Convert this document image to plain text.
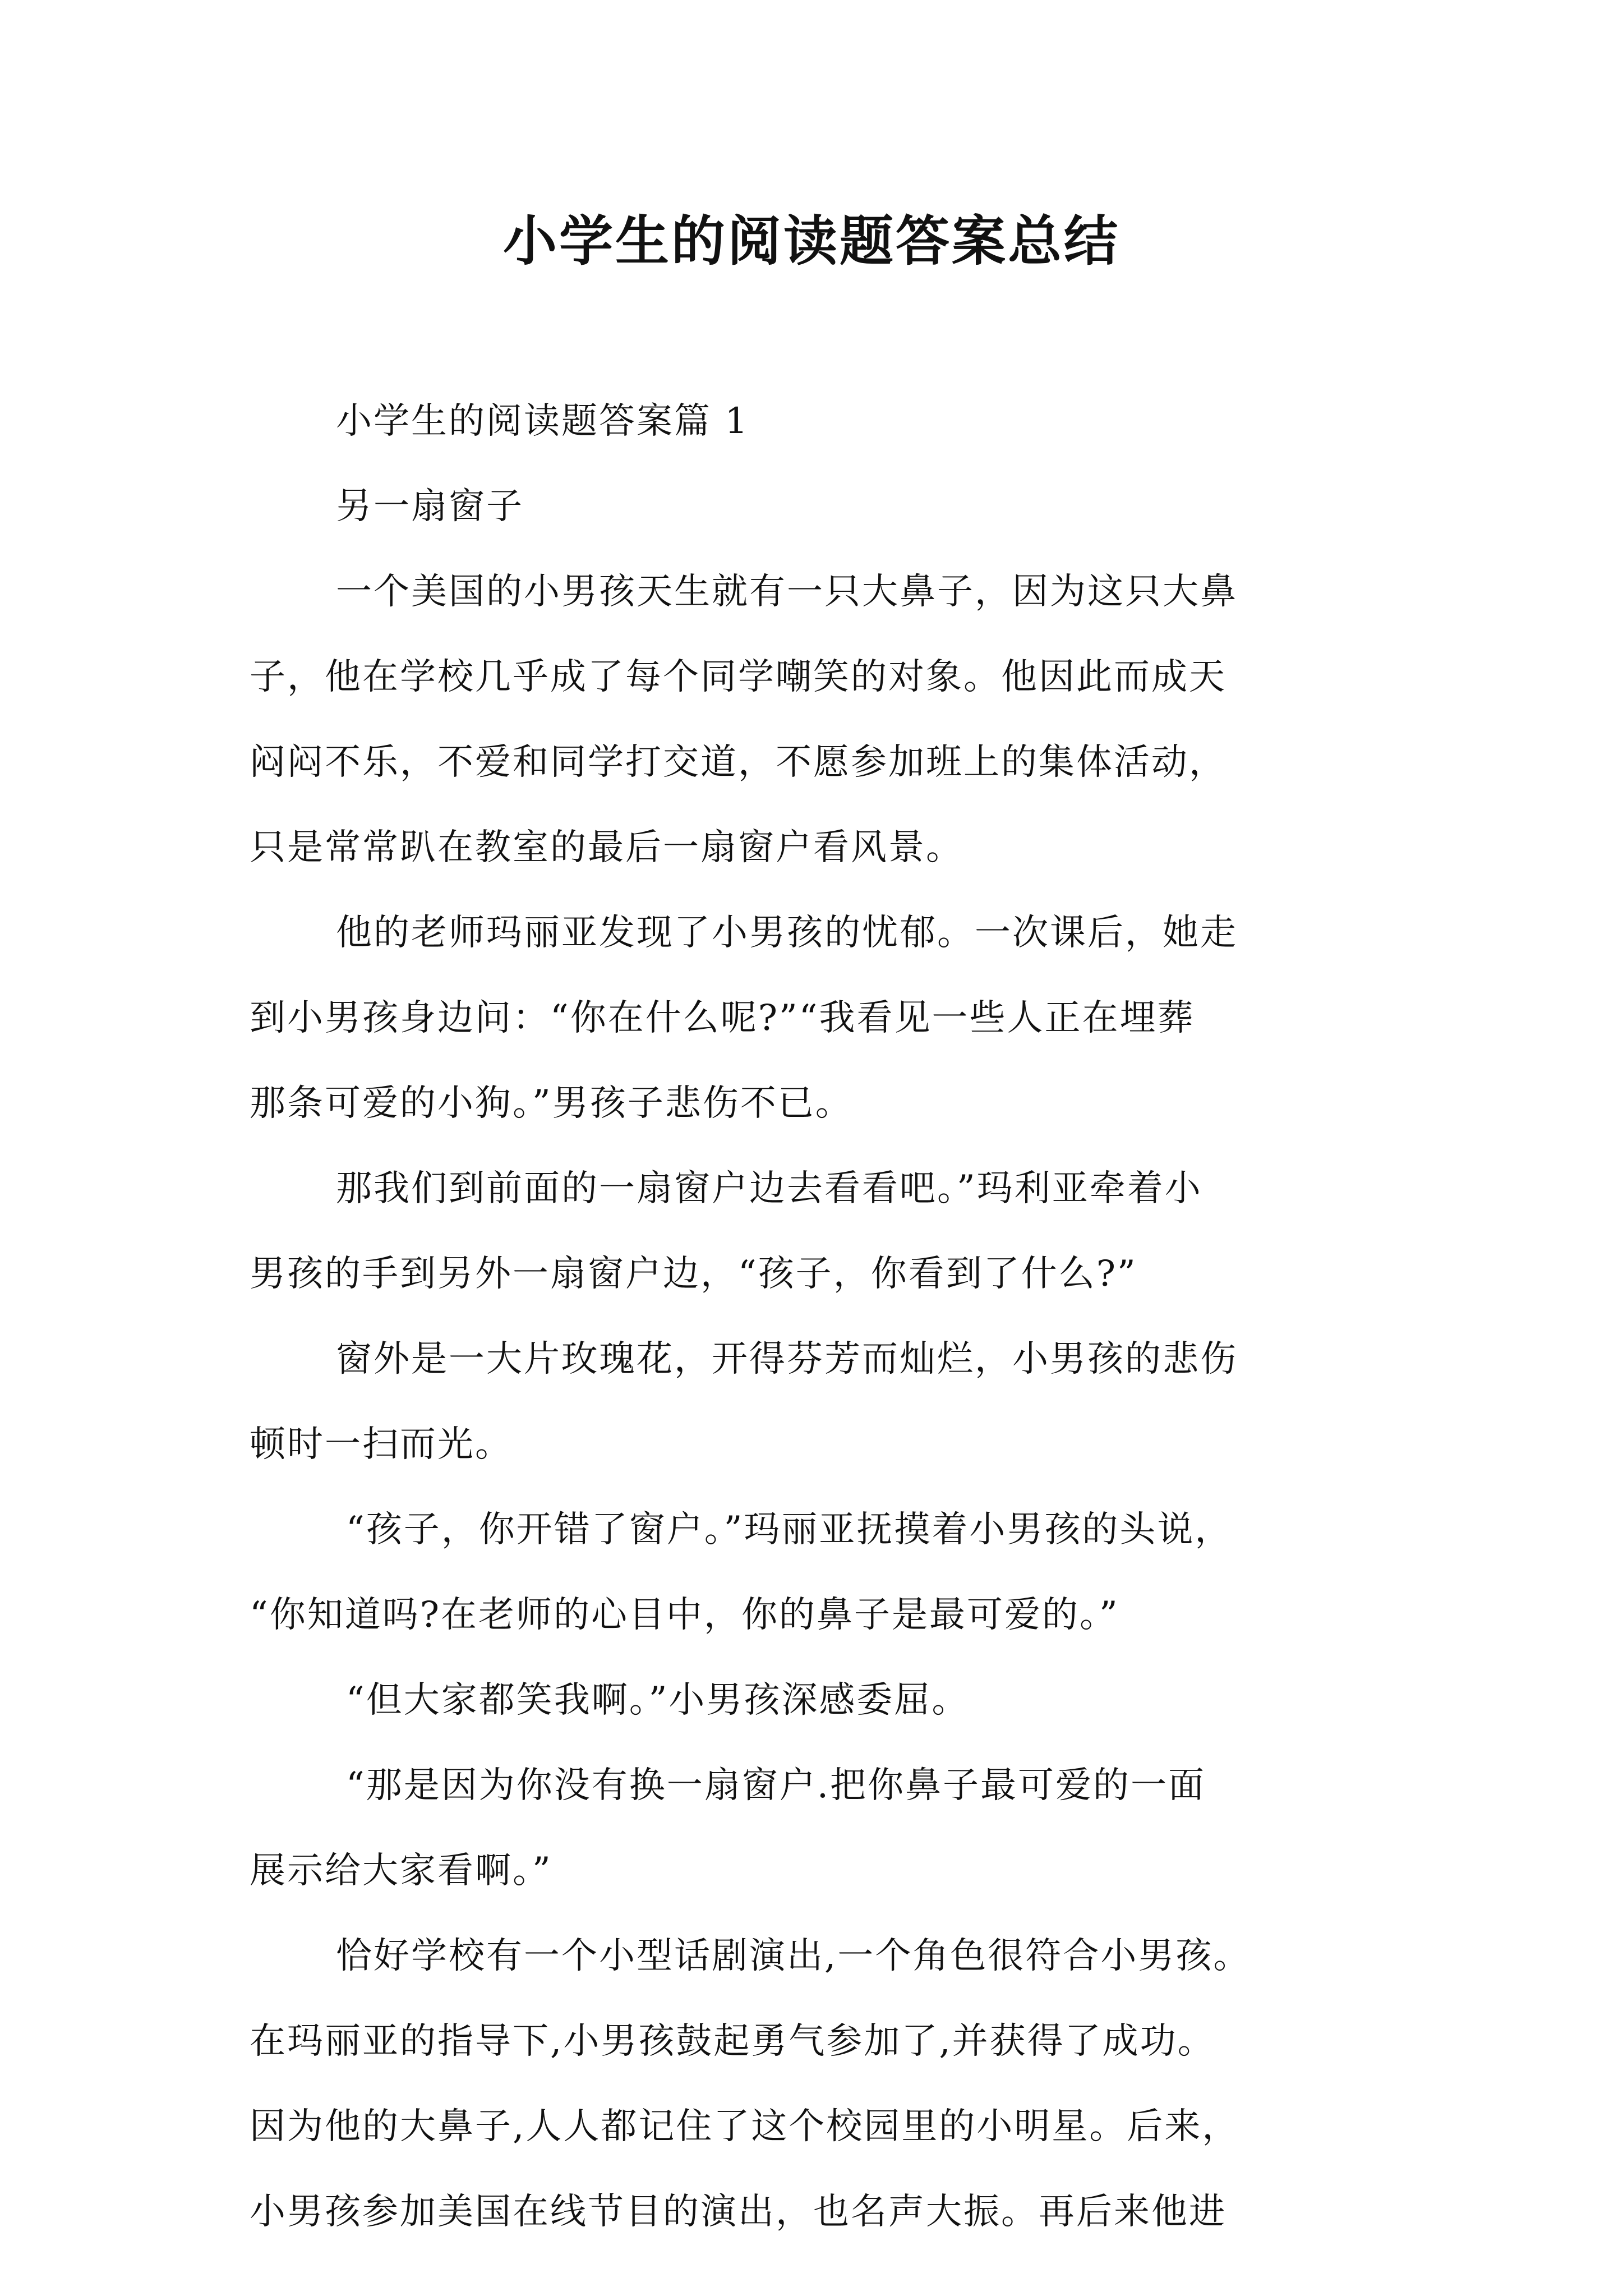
小学生的阅读题答案总结

小学生的阅读题答案篇 1

另一扇窗子

一个美国的小男孩天生就有一只大鼻子，因为这只大鼻

子，他在学校几乎成了每个同学嘲笑的对象。他因此而成天

闷闷不乐，不爱和同学打交道，不愿参加班上的集体活动，

只是常常趴在教室的最后一扇窗户看风景。

他的老师玛丽亚发现了小男孩的忧郁。一次课后，她走

到小男孩身边问：“你在什么呢?”“我看见一些人正在埋葬

那条可爱的小狗。”男孩子悲伤不已。

那我们到前面的一扇窗户边去看看吧。”玛利亚牵着小

男孩的手到另外一扇窗户边，“孩子，你看到了什么?”

窗外是一大片玫瑰花，开得芬芳而灿烂，小男孩的悲伤

顿时一扫而光。

“孩子，你开错了窗户。”玛丽亚抚摸着小男孩的头说，

“你知道吗?在老师的心目中，你的鼻子是最可爱的。”

“但大家都笑我啊。”小男孩深感委屈。

“那是因为你没有换一扇窗户.把你鼻子最可爱的一面

展示给大家看啊。”

恰好学校有一个小型话剧演出,一个角色很符合小男孩。

在玛丽亚的指导下,小男孩鼓起勇气参加了,并获得了成功。

因为他的大鼻子,人人都记住了这个校园里的小明星。后来，

小男孩参加美国在线节目的演出，也名声大振。再后来他进
